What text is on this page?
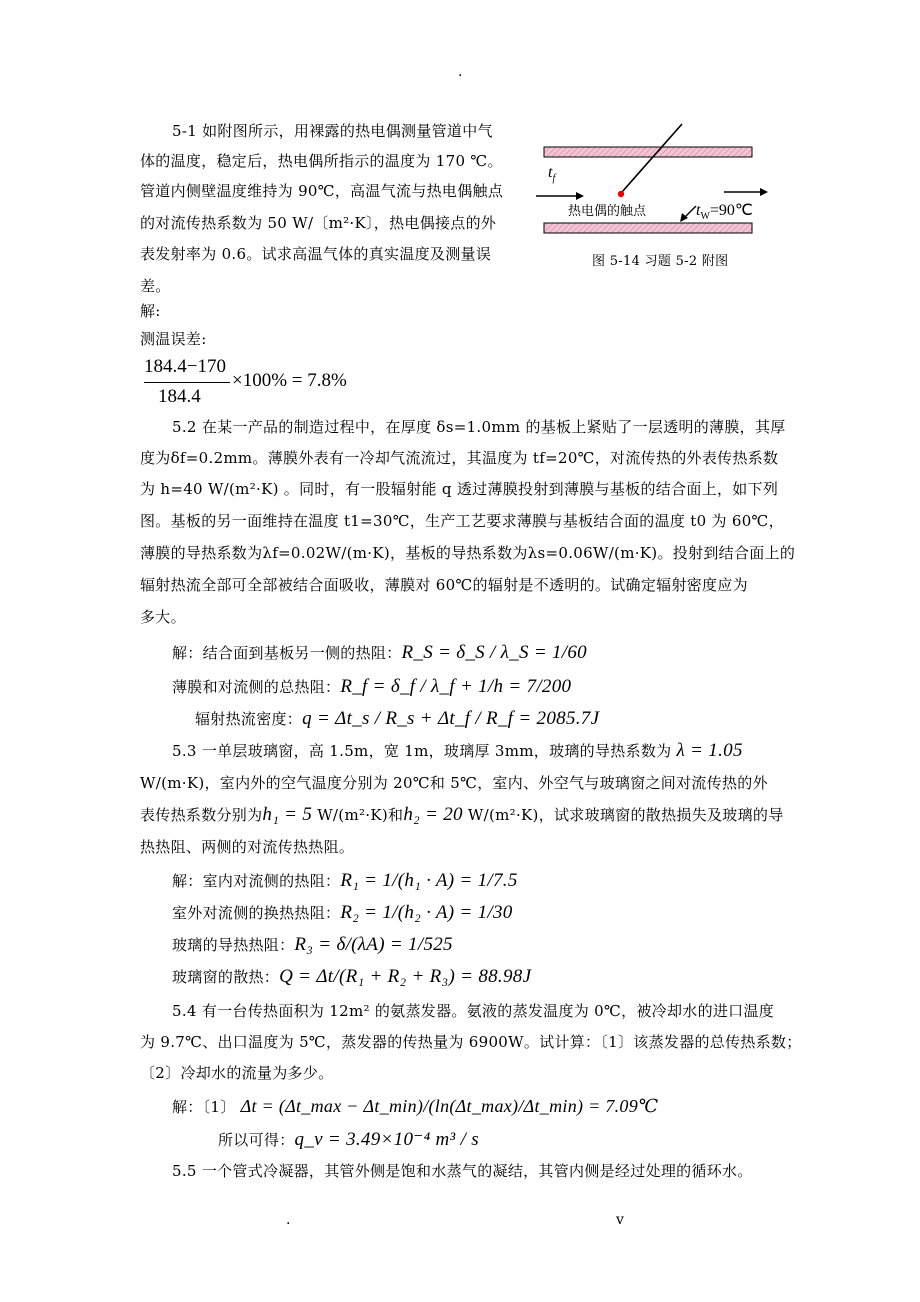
.
5-1 如附图所示，用裸露的热电偶测量管道中气
体的温度，稳定后，热电偶所指示的温度为 170 ℃。
管道内侧壁温度维持为 90℃，高温气流与热电偶触点
的对流传热系数为 50 W/〔m²·K〕，热电偶接点的外
表发射率为 0.6。试求高温气体的真实温度及测量误
差。
解:
测温误差:
184.4−170
184.4
×100% = 7.8%
$t_f$
热电偶的触点	$t_W=90℃$
图 5-14 习题 5-2 附图
5.2 在某一产品的制造过程中，在厚度 δs=1.0mm 的基板上紧贴了一层透明的薄膜，其厚
度为δf=0.2mm。薄膜外表有一冷却气流流过，其温度为 tf=20℃，对流传热的外表传热系数
为 h=40 W/(m²·K) 。同时，有一股辐射能 q 透过薄膜投射到薄膜与基板的结合面上，如下列
图。基板的另一面维持在温度 t1=30℃，生产工艺要求薄膜与基板结合面的温度 t0 为 60℃，
薄膜的导热系数为λf=0.02W/(m·K)，基板的导热系数为λs=0.06W/(m·K)。投射到结合面上的
辐射热流全部可全部被结合面吸收，薄膜对 60℃的辐射是不透明的。试确定辐射密度应为
多大。
解：结合面到基板另一侧的热阻：R_S = δ_S / λ_S = 1/60
薄膜和对流侧的总热阻：R_f = δ_f / λ_f + 1/h = 7/200
辐射热流密度：q = Δt_s / R_s + Δt_f / R_f = 2085.7J
5.3 一单层玻璃窗，高 1.5m，宽 1m，玻璃厚 3mm，玻璃的导热系数为 λ = 1.05
W/(m·K)，室内外的空气温度分别为 20℃和 5℃，室内、外空气与玻璃窗之间对流传热的外
表传热系数分别为h₁ = 5 W/(m²·K)和h₂ = 20 W/(m²·K)，试求玻璃窗的散热损失及玻璃的导
热热阻、两侧的对流传热热阻。
解：室内对流侧的热阻：R₁ = 1/(h₁ · A) = 1/7.5
室外对流侧的换热热阻：R₂ = 1/(h₂ · A) = 1/30
玻璃的导热热阻：R₃ = δ/(λA) = 1/525
玻璃窗的散热：Q = Δt/(R₁ + R₂ + R₃) = 88.98J
5.4 有一台传热面积为 12m² 的氨蒸发器。氨液的蒸发温度为 0℃，被冷却水的进口温度
为 9.7℃、出口温度为 5℃，蒸发器的传热量为 6900W。试计算：〔1〕该蒸发器的总传热系数；
〔2〕冷却水的流量为多少。
解：〔1〕 Δt = (Δt_max − Δt_min)/(ln(Δt_max)/Δt_min) = 7.09℃
所以可得：q_v = 3.49×10⁻⁴ m³ / s
5.5 一个管式冷凝器，其管外侧是饱和水蒸气的凝结，其管内侧是经过处理的循环水。
.	v
